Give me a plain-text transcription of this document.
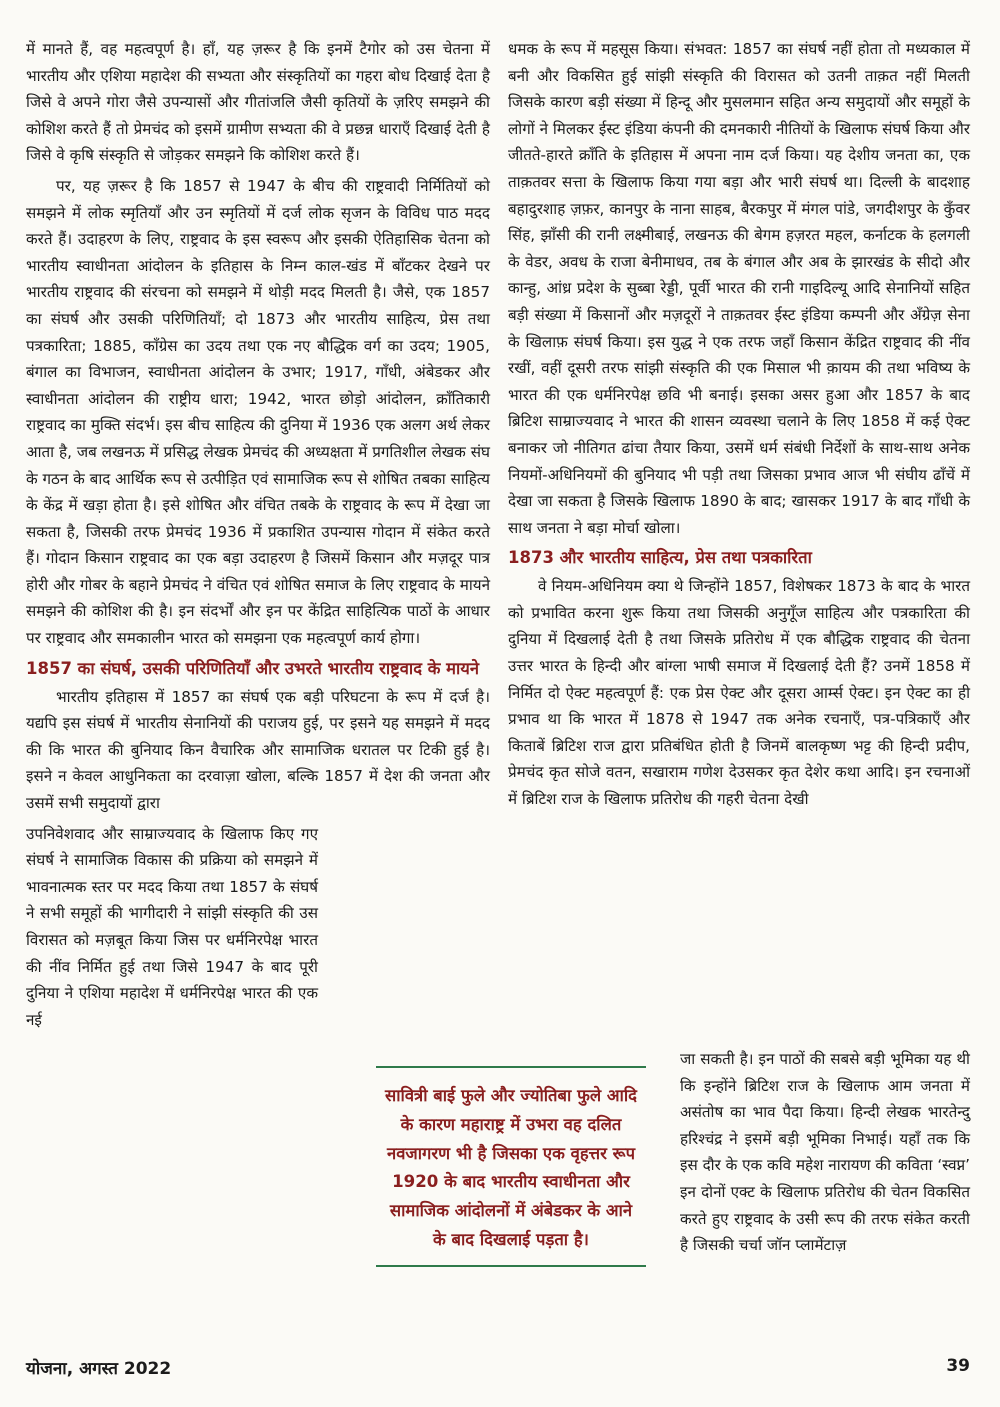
में मानते हैं, वह महत्वपूर्ण है। हाँ, यह ज़रूर है कि इनमें टैगोर को उस चेतना में भारतीय और एशिया महादेश की सभ्यता और संस्कृतियों का गहरा बोध दिखाई देता है जिसे वे अपने गोरा जैसे उपन्यासों और गीतांजलि जैसी कृतियों के ज़रिए समझने की कोशिश करते हैं तो प्रेमचंद को इसमें ग्रामीण सभ्यता की वे प्रछन्न धाराएँ दिखाई देती है जिसे वे कृषि संस्कृति से जोड़कर समझने कि कोशिश करते हैं।

पर, यह ज़रूर है कि 1857 से 1947 के बीच की राष्ट्रवादी निर्मितियों को समझने में लोक स्मृतियाँ और उन स्मृतियों में दर्ज लोक सृजन के विविध पाठ मदद करते हैं। उदाहरण के लिए, राष्ट्रवाद के इस स्वरूप और इसकी ऐतिहासिक चेतना को भारतीय स्वाधीनता आंदोलन के इतिहास के निम्न काल-खंड में बाँटकर देखने पर भारतीय राष्ट्रवाद की संरचना को समझने में थोड़ी मदद मिलती है। जैसे, एक 1857 का संघर्ष और उसकी परिणितियाँ; दो 1873 और भारतीय साहित्य, प्रेस तथा पत्रकारिता; 1885, काँग्रेस का उदय तथा एक नए बौद्धिक वर्ग का उदय; 1905, बंगाल का विभाजन, स्वाधीनता आंदोलन के उभार; 1917, गाँधी, अंबेडकर और स्वाधीनता आंदोलन की राष्ट्रीय धारा; 1942, भारत छोड़ो आंदोलन, क्राँतिकारी राष्ट्रवाद का मुक्ति संदर्भ। इस बीच साहित्य की दुनिया में 1936 एक अलग अर्थ लेकर आता है, जब लखनऊ में प्रसिद्ध लेखक प्रेमचंद की अध्यक्षता में प्रगतिशील लेखक संघ के गठन के बाद आर्थिक रूप से उत्पीड़ित एवं सामाजिक रूप से शोषित तबका साहित्य के केंद्र में खड़ा होता है। इसे शोषित और वंचित तबके के राष्ट्रवाद के रूप में देखा जा सकता है, जिसकी तरफ प्रेमचंद 1936 में प्रकाशित उपन्यास गोदान में संकेत करते हैं। गोदान किसान राष्ट्रवाद का एक बड़ा उदाहरण है जिसमें किसान और मज़दूर पात्र होरी और गोबर के बहाने प्रेमचंद ने वंचित एवं शोषित समाज के लिए राष्ट्रवाद के मायने समझने की कोशिश की है। इन संदर्भों और इन पर केंद्रित साहित्यिक पाठों के आधार पर राष्ट्रवाद और समकालीन भारत को समझना एक महत्वपूर्ण कार्य होगा।

1857 का संघर्ष, उसकी परिणितियाँ और उभरते भारतीय राष्ट्रवाद के मायने

भारतीय इतिहास में 1857 का संघर्ष एक बड़ी परिघटना के रूप में दर्ज है। यद्यपि इस संघर्ष में भारतीय सेनानियों की पराजय हुई, पर इसने यह समझने में मदद की कि भारत की बुनियाद किन वैचारिक और सामाजिक धरातल पर टिकी हुई है। इसने न केवल आधुनिकता का दरवाज़ा खोला, बल्कि 1857 में देश की जनता और उसमें सभी समुदायों द्वारा

उपनिवेशवाद और साम्राज्यवाद के खिलाफ किए गए संघर्ष ने सामाजिक विकास की प्रक्रिया को समझने में भावनात्मक स्तर पर मदद किया तथा 1857 के संघर्ष ने सभी समूहों की भागीदारी ने सांझी संस्कृति की उस विरासत को मज़बूत किया जिस पर धर्मनिरपेक्ष भारत की नींव निर्मित हुई तथा जिसे 1947 के बाद पूरी दुनिया ने एशिया महादेश में धर्मनिरपेक्ष भारत की एक नई

धमक के रूप में महसूस किया। संभवत: 1857 का संघर्ष नहीं होता तो मध्यकाल में बनी और विकसित हुई सांझी संस्कृति की विरासत को उतनी ताक़त नहीं मिलती जिसके कारण बड़ी संख्या में हिन्दू और मुसलमान सहित अन्य समुदायों और समूहों के लोगों ने मिलकर ईस्ट इंडिया कंपनी की दमनकारी नीतियों के खिलाफ संघर्ष किया और जीतते-हारते क्राँति के इतिहास में अपना नाम दर्ज किया। यह देशीय जनता का, एक ताक़तवर सत्ता के खिलाफ किया गया बड़ा और भारी संघर्ष था। दिल्ली के बादशाह बहादुरशाह ज़फ़र, कानपुर के नाना साहब, बैरकपुर में मंगल पांडे, जगदीशपुर के कुँवर सिंह, झाँसी की रानी लक्ष्मीबाई, लखनऊ की बेगम हज़रत महल, कर्नाटक के हलगली के वेडर, अवध के राजा बेनीमाधव, तब के बंगाल और अब के झारखंड के सीदो और कान्हु, आंध्र प्रदेश के सुब्बा रेड्डी, पूर्वी भारत की रानी गाइदिल्यू आदि सेनानियों सहित बड़ी संख्या में किसानों और मज़दूरों ने ताक़तवर ईस्ट इंडिया कम्पनी और अँग्रेज़ सेना के खिलाफ़ संघर्ष किया। इस युद्ध ने एक तरफ जहाँ किसान केंद्रित राष्ट्रवाद की नींव रखीं, वहीं दूसरी तरफ सांझी संस्कृति की एक मिसाल भी क़ायम की तथा भविष्य के भारत की एक धर्मनिरपेक्ष छवि भी बनाई। इसका असर हुआ और 1857 के बाद ब्रिटिश साम्राज्यवाद ने भारत की शासन व्यवस्था चलाने के लिए 1858 में कई ऐक्ट बनाकर जो नीतिगत ढांचा तैयार किया, उसमें धर्म संबंधी निर्देशों के साथ-साथ अनेक नियमों-अधिनियमों की बुनियाद भी पड़ी तथा जिसका प्रभाव आज भी संघीय ढाँचें में देखा जा सकता है जिसके खिलाफ 1890 के बाद; खासकर 1917 के बाद गाँधी के साथ जनता ने बड़ा मोर्चा खोला।

1873 और भारतीय साहित्य, प्रेस तथा पत्रकारिता

वे नियम-अधिनियम क्या थे जिन्होंने 1857, विशेषकर 1873 के बाद के भारत को प्रभावित करना शुरू किया तथा जिसकी अनुगूँज साहित्य और पत्रकारिता की दुनिया में दिखलाई देती है तथा जिसके प्रतिरोध में एक बौद्धिक राष्ट्रवाद की चेतना उत्तर भारत के हिन्दी और बांग्ला भाषी समाज में दिखलाई देती हैं? उनमें 1858 में निर्मित दो ऐक्ट महत्वपूर्ण हैं: एक प्रेस ऐक्ट और दूसरा आर्म्स ऐक्ट। इन ऐक्ट का ही प्रभाव था कि भारत में 1878 से 1947 तक अनेक रचनाएँ, पत्र-पत्रिकाएँ और किताबें ब्रिटिश राज द्वारा प्रतिबंधित होती है जिनमें बालकृष्ण भट्ट की हिन्दी प्रदीप, प्रेमचंद कृत सोजे वतन, सखाराम गणेश देउसकर कृत देशेर कथा आदि। इन रचनाओं में ब्रिटिश राज के खिलाफ प्रतिरोध की गहरी चेतना देखी

जा सकती है। इन पाठों की सबसे बड़ी भूमिका यह थी कि इन्होंने ब्रिटिश राज के खिलाफ आम जनता में असंतोष का भाव पैदा किया। हिन्दी लेखक भारतेन्दु हरिश्चंद्र ने इसमें बड़ी भूमिका निभाई। यहाँ तक कि इस दौर के एक कवि महेश नारायण की कविता ‘स्वप्न’ इन दोनों एक्ट के खिलाफ प्रतिरोध की चेतन विकसित करते हुए राष्ट्रवाद के उसी रूप की तरफ संकेत करती है जिसकी चर्चा जॉन प्लामेंटाज़

सावित्री बाई फुले और ज्योतिबा फुले आदि के कारण महाराष्ट्र में उभरा वह दलित नवजागरण भी है जिसका एक वृहत्तर रूप 1920 के बाद भारतीय स्वाधीनता और सामाजिक आंदोलनों में अंबेडकर के आने के बाद दिखलाई पड़ता है।
योजना, अगस्त 2022	39
